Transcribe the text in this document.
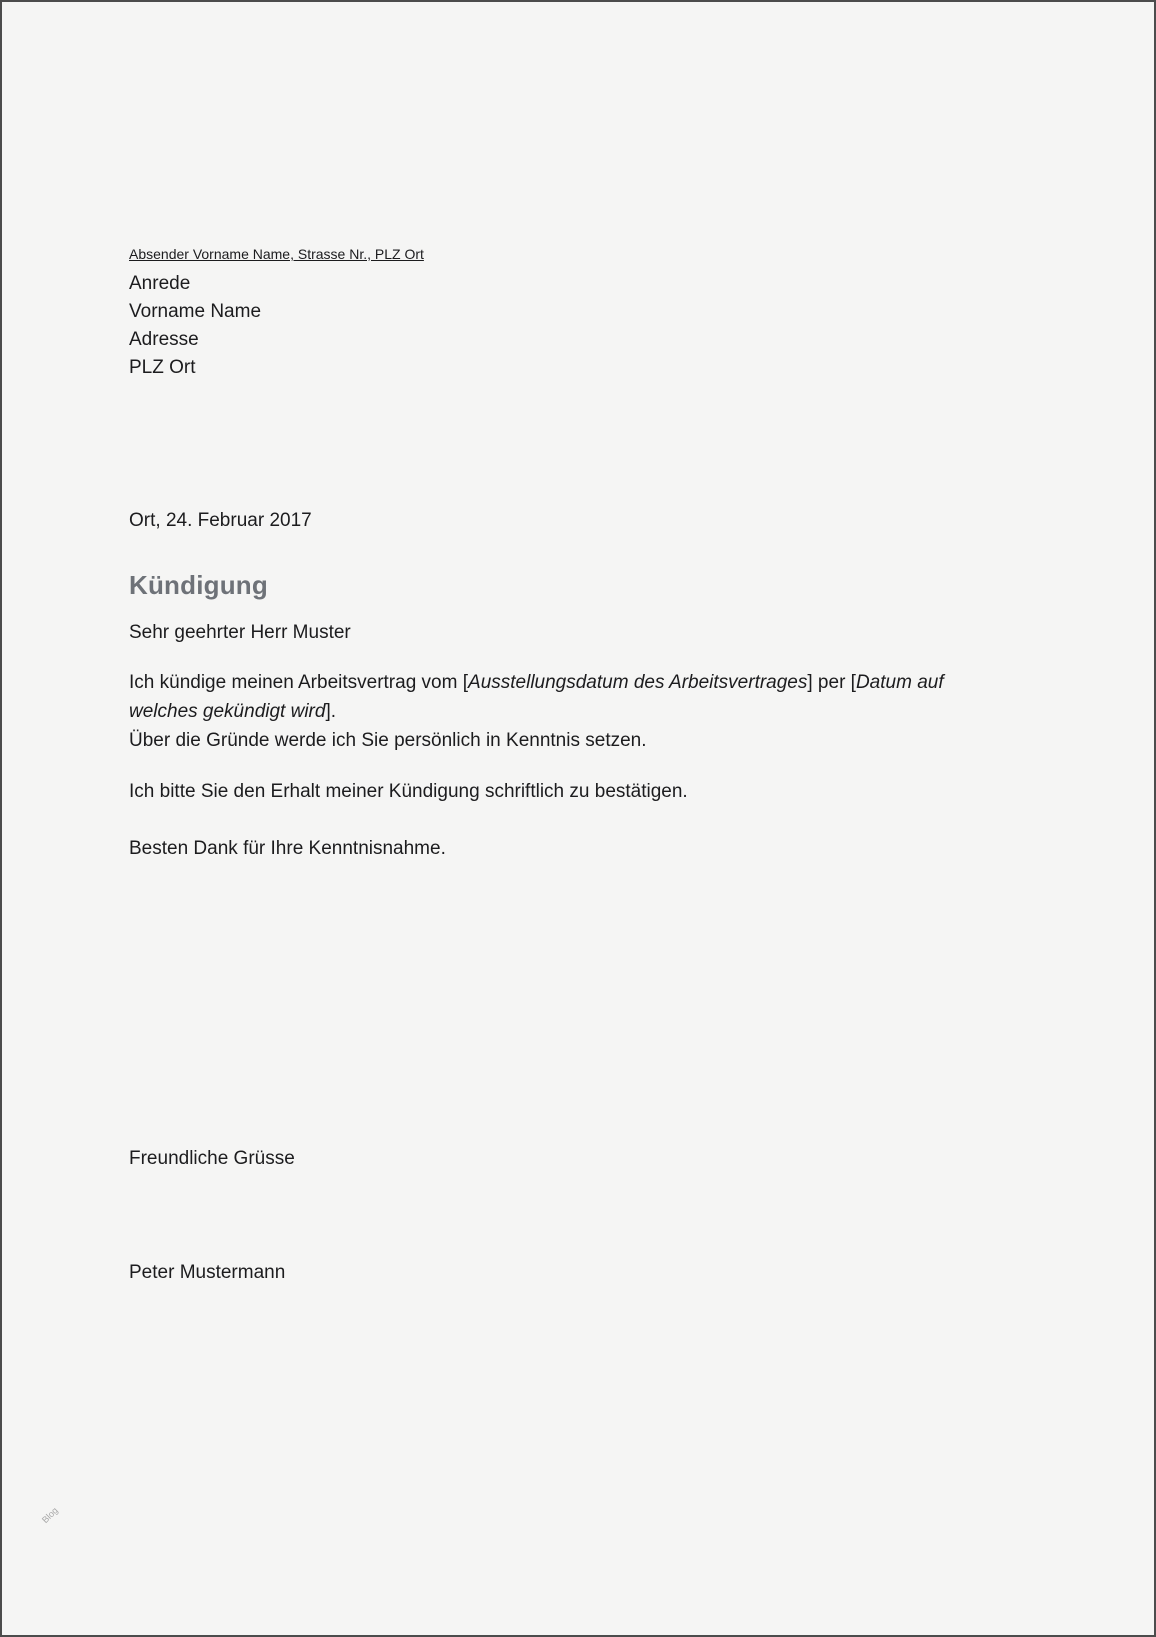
Absender Vorname Name, Strasse Nr., PLZ Ort
Anrede
Vorname Name
Adresse
PLZ Ort
Ort, 24. Februar 2017
Kündigung
Sehr geehrter Herr Muster
Ich kündige meinen Arbeitsvertrag vom [Ausstellungsdatum des Arbeitsvertrages] per [Datum auf welches gekündigt wird].
Über die Gründe werde ich Sie persönlich in Kenntnis setzen.
Ich bitte Sie den Erhalt meiner Kündigung schriftlich zu bestätigen.
Besten Dank für Ihre Kenntnisnahme.
Freundliche Grüsse
Peter Mustermann
Blog
